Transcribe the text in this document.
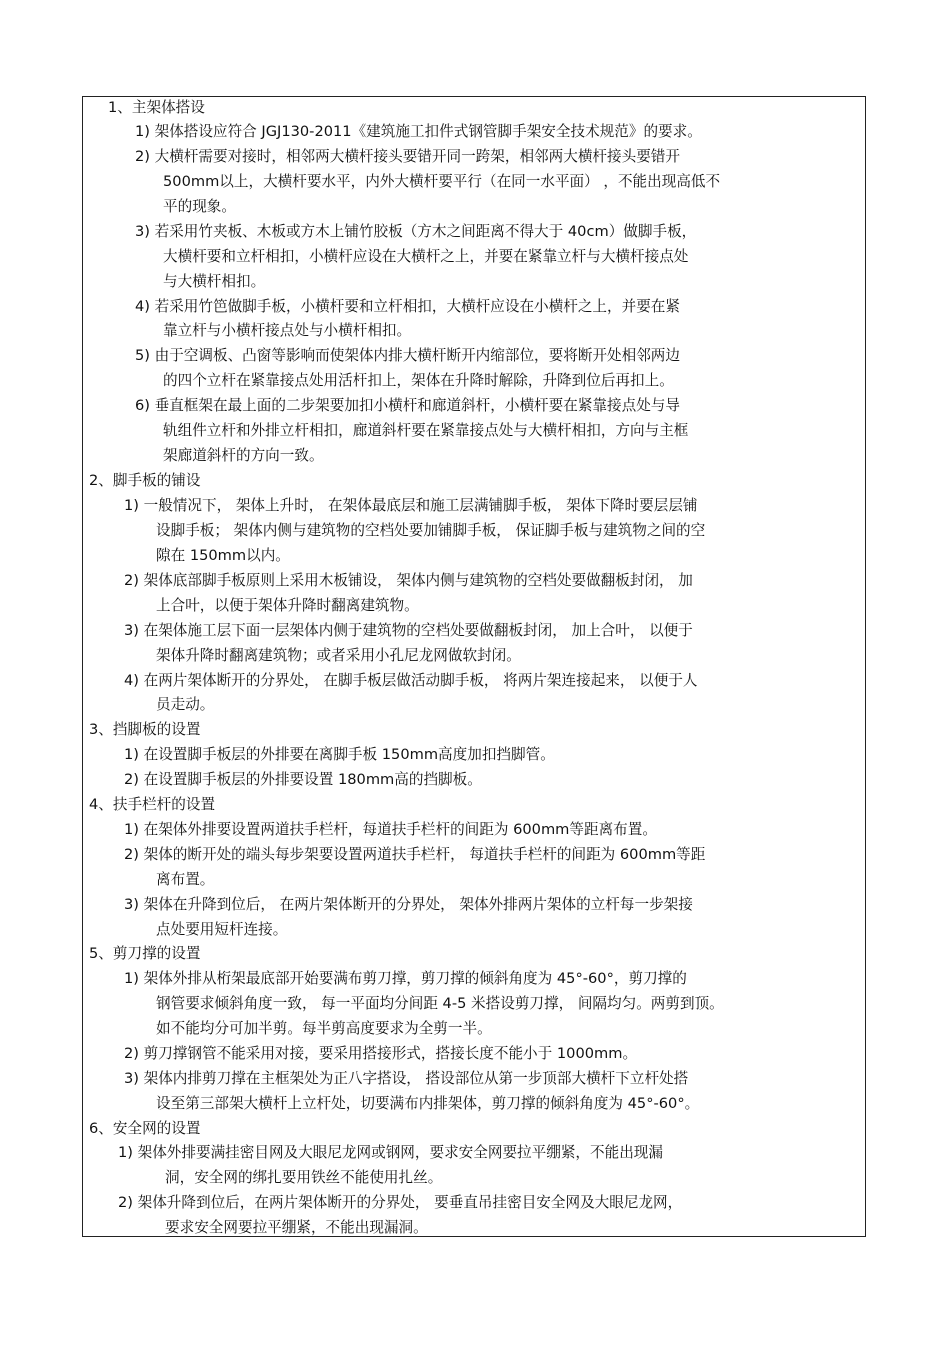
1、主架体搭设

1) 架体搭设应符合 JGJ130-2011《建筑施工扣件式钢管脚手架安全技术规范》的要求。

2) 大横杆需要对接时，相邻两大横杆接头要错开同一跨架，相邻两大横杆接头要错开

500mm以上，大横杆要水平，内外大横杆要平行（在同一水平面） ，不能出现高低不

平的现象。

3) 若采用竹夹板、木板或方木上铺竹胶板（方木之间距离不得大于 40cm）做脚手板，

大横杆要和立杆相扣，小横杆应设在大横杆之上，并要在紧靠立杆与大横杆接点处

与大横杆相扣。

4) 若采用竹笆做脚手板，小横杆要和立杆相扣，大横杆应设在小横杆之上，并要在紧

靠立杆与小横杆接点处与小横杆相扣。

5) 由于空调板、凸窗等影响而使架体内排大横杆断开内缩部位，要将断开处相邻两边

的四个立杆在紧靠接点处用活杆扣上，架体在升降时解除，升降到位后再扣上。

6) 垂直框架在最上面的二步架要加扣小横杆和廊道斜杆，小横杆要在紧靠接点处与导

轨组件立杆和外排立杆相扣，廊道斜杆要在紧靠接点处与大横杆相扣，方向与主框

架廊道斜杆的方向一致。

2、脚手板的铺设

1) 一般情况下， 架体上升时， 在架体最底层和施工层满铺脚手板， 架体下降时要层层铺

设脚手板； 架体内侧与建筑物的空档处要加铺脚手板， 保证脚手板与建筑物之间的空

隙在 150mm以内。

2) 架体底部脚手板原则上采用木板铺设， 架体内侧与建筑物的空档处要做翻板封闭， 加

上合叶，以便于架体升降时翻离建筑物。

3) 在架体施工层下面一层架体内侧于建筑物的空档处要做翻板封闭， 加上合叶， 以便于

架体升降时翻离建筑物；或者采用小孔尼龙网做软封闭。

4) 在两片架体断开的分界处， 在脚手板层做活动脚手板， 将两片架连接起来， 以便于人

员走动。

3、挡脚板的设置

1) 在设置脚手板层的外排要在离脚手板 150mm高度加扣挡脚管。

2) 在设置脚手板层的外排要设置 180mm高的挡脚板。

4、扶手栏杆的设置

1) 在架体外排要设置两道扶手栏杆，每道扶手栏杆的间距为 600mm等距离布置。

2) 架体的断开处的端头每步架要设置两道扶手栏杆， 每道扶手栏杆的间距为 600mm等距

离布置。

3) 架体在升降到位后， 在两片架体断开的分界处， 架体外排两片架体的立杆每一步架接

点处要用短杆连接。

5、剪刀撑的设置

1) 架体外排从桁架最底部开始要满布剪刀撑，剪刀撑的倾斜角度为 45°-60°，剪刀撑的

钢管要求倾斜角度一致， 每一平面均分间距 4-5 米搭设剪刀撑， 间隔均匀。两剪到顶。

如不能均分可加半剪。每半剪高度要求为全剪一半。

2) 剪刀撑钢管不能采用对接，要采用搭接形式，搭接长度不能小于 1000mm。

3) 架体内排剪刀撑在主框架处为正八字搭设， 搭设部位从第一步顶部大横杆下立杆处搭

设至第三部架大横杆上立杆处，切要满布内排架体，剪刀撑的倾斜角度为 45°-60°。

6、安全网的设置

1) 架体外排要满挂密目网及大眼尼龙网或钢网，要求安全网要拉平绷紧，不能出现漏

洞，安全网的绑扎要用铁丝不能使用扎丝。

2) 架体升降到位后，在两片架体断开的分界处， 要垂直吊挂密目安全网及大眼尼龙网，

要求安全网要拉平绷紧，不能出现漏洞。
